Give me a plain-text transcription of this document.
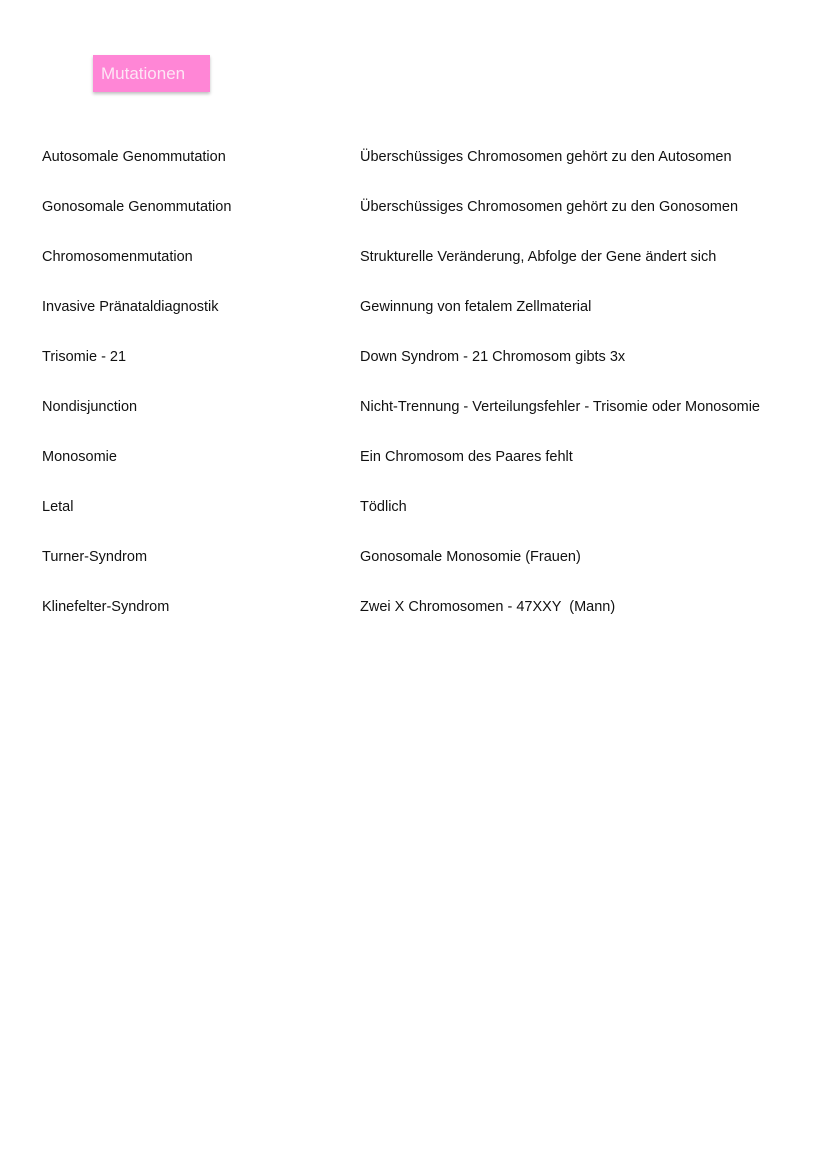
Mutationen
Autosomale Genommutation	Überschüssiges Chromosomen gehört zu den Autosomen
Gonosomale Genommutation	Überschüssiges Chromosomen gehört zu den Gonosomen
Chromosomenmutation	Strukturelle Veränderung, Abfolge der Gene ändert sich
Invasive Pränataldiagnostik	Gewinnung von fetalem Zellmaterial
Trisomie - 21	Down Syndrom - 21 Chromosom gibts 3x
Nondisjunction	Nicht-Trennung - Verteilungsfehler - Trisomie oder Monosomie
Monosomie	Ein Chromosom des Paares fehlt
Letal	Tödlich
Turner-Syndrom	Gonosomale Monosomie (Frauen)
Klinefelter-Syndrom	Zwei X Chromosomen - 47XXY  (Mann)
